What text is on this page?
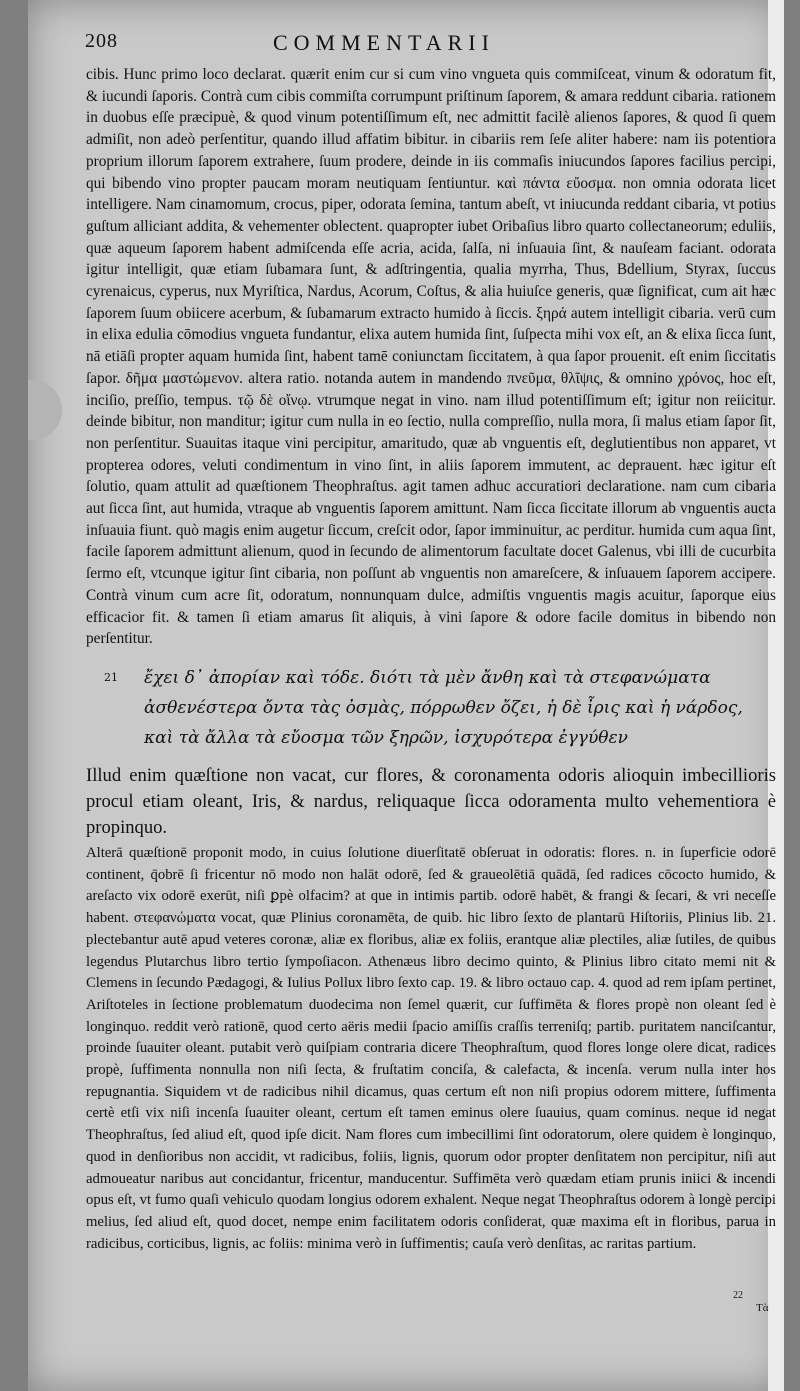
208	COMMENTARII

cibis. Hunc primo loco declarat. quærit enim cur si cum vino vngueta quis commiſceat, vinum & odoratum fit, & iucundi ſaporis. Contrà cum cibis commiſta corrumpunt priſtinum ſaporem, & amara reddunt cibaria. rationem in duobus eſſe præcipuè, & quod vinum potentiſſimum eſt, nec admittit facilè alienos ſapores, & quod ſi quem admiſit, non adeò perſentitur, quando illud affatim bibitur. in cibariis rem ſeſe aliter habere: nam iis potentiora proprium illorum ſaporem extrahere, ſuum prodere, deinde in iis commaſis iniucundos ſapores facilius percipi, qui bibendo vino propter paucam moram neutiquam ſentiuntur. καὶ πάντα εὔοσμα. non omnia odorata licet intelligere. Nam cinamomum, crocus, piper, odorata ſemina, tantum abeſt, vt iniucunda reddant cibaria, vt potius guſtum alliciant addita, & vehementer oblectent. quapropter iubet Oribaſius libro quarto collectaneorum; eduliis, quæ aqueum ſaporem habent admiſcenda eſſe acria, acida, ſalſa, ni inſuauia ſint, & nauſeam faciant. odorata igitur intelligit, quæ etiam ſubamara ſunt, & adſtringentia, qualia myrrha, Thus, Bdellium, Styrax, ſuccus cyrenaicus, cyperus, nux Myriſtica, Nardus, Acorum, Coſtus, & alia huiuſce generis, quæ ſignificat, cum ait hæc ſaporem ſuum obiicere acerbum, & ſubamarum extracto humido à ſiccis. ξηρά autem intelligit cibaria. verū cum in elixa edulia cōmodius vngueta fundantur, elixa autem humida ſint, ſuſpecta mihi vox eſt, an & elixa ſicca ſunt, nā etiāſi propter aquam humida ſint, habent tamē coniunctam ſiccitatem, à qua ſapor prouenit. eſt enim ſiccitatis ſapor. δῆμα μαστώμενον. altera ratio. notanda autem in mandendo πνεῦμα, θλῖψις, & omnino χρόνος, hoc eſt, inciſio, preſſio, tempus. τῷ δὲ οἴνῳ. vtrumque negat in vino. nam illud potentiſſimum eſt; igitur non reiicitur. deinde bibitur, non manditur; igitur cum nulla in eo ſectio, nulla compreſſio, nulla mora, ſi malus etiam ſapor ſit, non perſentitur. Suauitas itaque vini percipitur, amaritudo, quæ ab vnguentis eſt, deglutientibus non apparet, vt propterea odores, veluti condimentum in vino ſint, in aliis ſaporem immutent, ac deprauent. hæc igitur eſt ſolutio, quam attulit ad quæſtionem Theophraſtus. agit tamen adhuc accuratiori declaratione. nam cum cibaria aut ſicca ſint, aut humida, vtraque ab vnguentis ſaporem amittunt. Nam ſicca ſiccitate illorum ab vnguentis aucta inſuauia fiunt. quò magis enim augetur ſiccum, creſcit odor, ſapor imminuitur, ac perditur. humida cum aqua ſint, facile ſaporem admittunt alienum, quod in ſecundo de alimentorum facultate docet Galenus, vbi illi de cucurbita ſermo eſt, vtcunque igitur ſint cibaria, non poſſunt ab vnguentis non amareſcere, & inſuauem ſaporem accipere. Contrà vinum cum acre ſit, odoratum, nonnunquam dulce, admiſtis vnguentis magis acuitur, ſaporque eius efficacior fit. & tamen ſi etiam amarus ſit aliquis, à vini ſapore & odore facile domitus in bibendo non perſentitur.

21	ἔχει δ᾽ ἀπορίαν καὶ τόδε. διότι τὰ μὲν ἄνθη καὶ τὰ στεφανώματα ἀσθενέστερα ὄντα τὰς ὀσμὰς, πόρρωθεν ὄζει, ἡ δὲ ἶρις καὶ ἡ νάρδος, καὶ τὰ ἄλλα τὰ εὔοσμα τῶν ξηρῶν, ἰσχυρότερα ἐγγύθεν

Illud enim quæſtione non vacat, cur flores, & coronamenta odoris alioquin imbecillioris procul etiam oleant, Iris, & nardus, reliquaque ſicca odoramenta multo vehementiora è propinquo.

Alterā quæſtionē proponit modo, in cuius ſolutione diuerſitatē obſeruat in odoratis: flores. n. in ſuperficie odorē continent, q̄obrē ſi fricentur nō modo non halāt odorē, ſed & graueolētiā quādā, ſed radices cōcocto humido, & areſacto vix odorē exerūt, niſi ꝑpè olfacim? at que in intimis partib. odorē habēt, & frangi & ſecari, & vri neceſſe habent. στεφανώματα vocat, quæ Plinius coronamēta, de quib. hic libro ſexto de plantarū Hiſtoriis, Plinius lib. 21. plectebantur autē apud veteres coronæ, aliæ ex floribus, aliæ ex foliis, erantque aliæ plectiles, aliæ ſutiles, de quibus legendus Plutarchus libro tertio ſympoſiacon. Athenæus libro decimo quinto, & Plinius libro citato memi nit & Clemens in ſecundo Pædagogi, & Iulius Pollux libro ſexto cap. 19. & libro octauo cap. 4. quod ad rem ipſam pertinet, Ariſtoteles in ſectione problematum duodecima non ſemel quærit, cur ſuffimēta & flores propè non oleant ſed è longinquo. reddit verò rationē, quod certo aëris medii ſpacio amiſſis craſſis terreniſq; partib. puritatem nanciſcantur, proinde ſuauiter oleant. putabit verò quiſpiam contraria dicere Theophraſtum, quod flores longe olere dicat, radices propè, ſuffimenta nonnulla non niſi ſecta, & fruſtatim conciſa, & calefacta, & incenſa. verum nulla inter hos repugnantia. Siquidem vt de radicibus nihil dicamus, quas certum eſt non niſi propius odorem mittere, ſuffimenta certè etſi vix niſi incenſa ſuauiter oleant, certum eſt tamen eminus olere ſuauius, quam cominus. neque id negat Theophraſtus, ſed aliud eſt, quod ipſe dicit. Nam flores cum imbecillimi ſint odoratorum, olere quidem è longinquo, quod in denſioribus non accidit, vt radicibus, foliis, lignis, quorum odor propter denſitatem non percipitur, niſi aut admoueatur naribus aut concidantur, fricentur, manducentur. Suffimēta verò quædam etiam prunis iniici & incendi opus eſt, vt fumo quaſi vehiculo quodam longius odorem exhalent. Neque negat Theophraſtus odorem à longè percipi melius, ſed aliud eſt, quod docet, nempe enim facilitatem odoris conſiderat, quæ maxima eſt in floribus, parua in radicibus, corticibus, lignis, ac foliis: minima verò in ſuffimentis; cauſa verò denſitas, ac raritas partium.

22
Tὰ
